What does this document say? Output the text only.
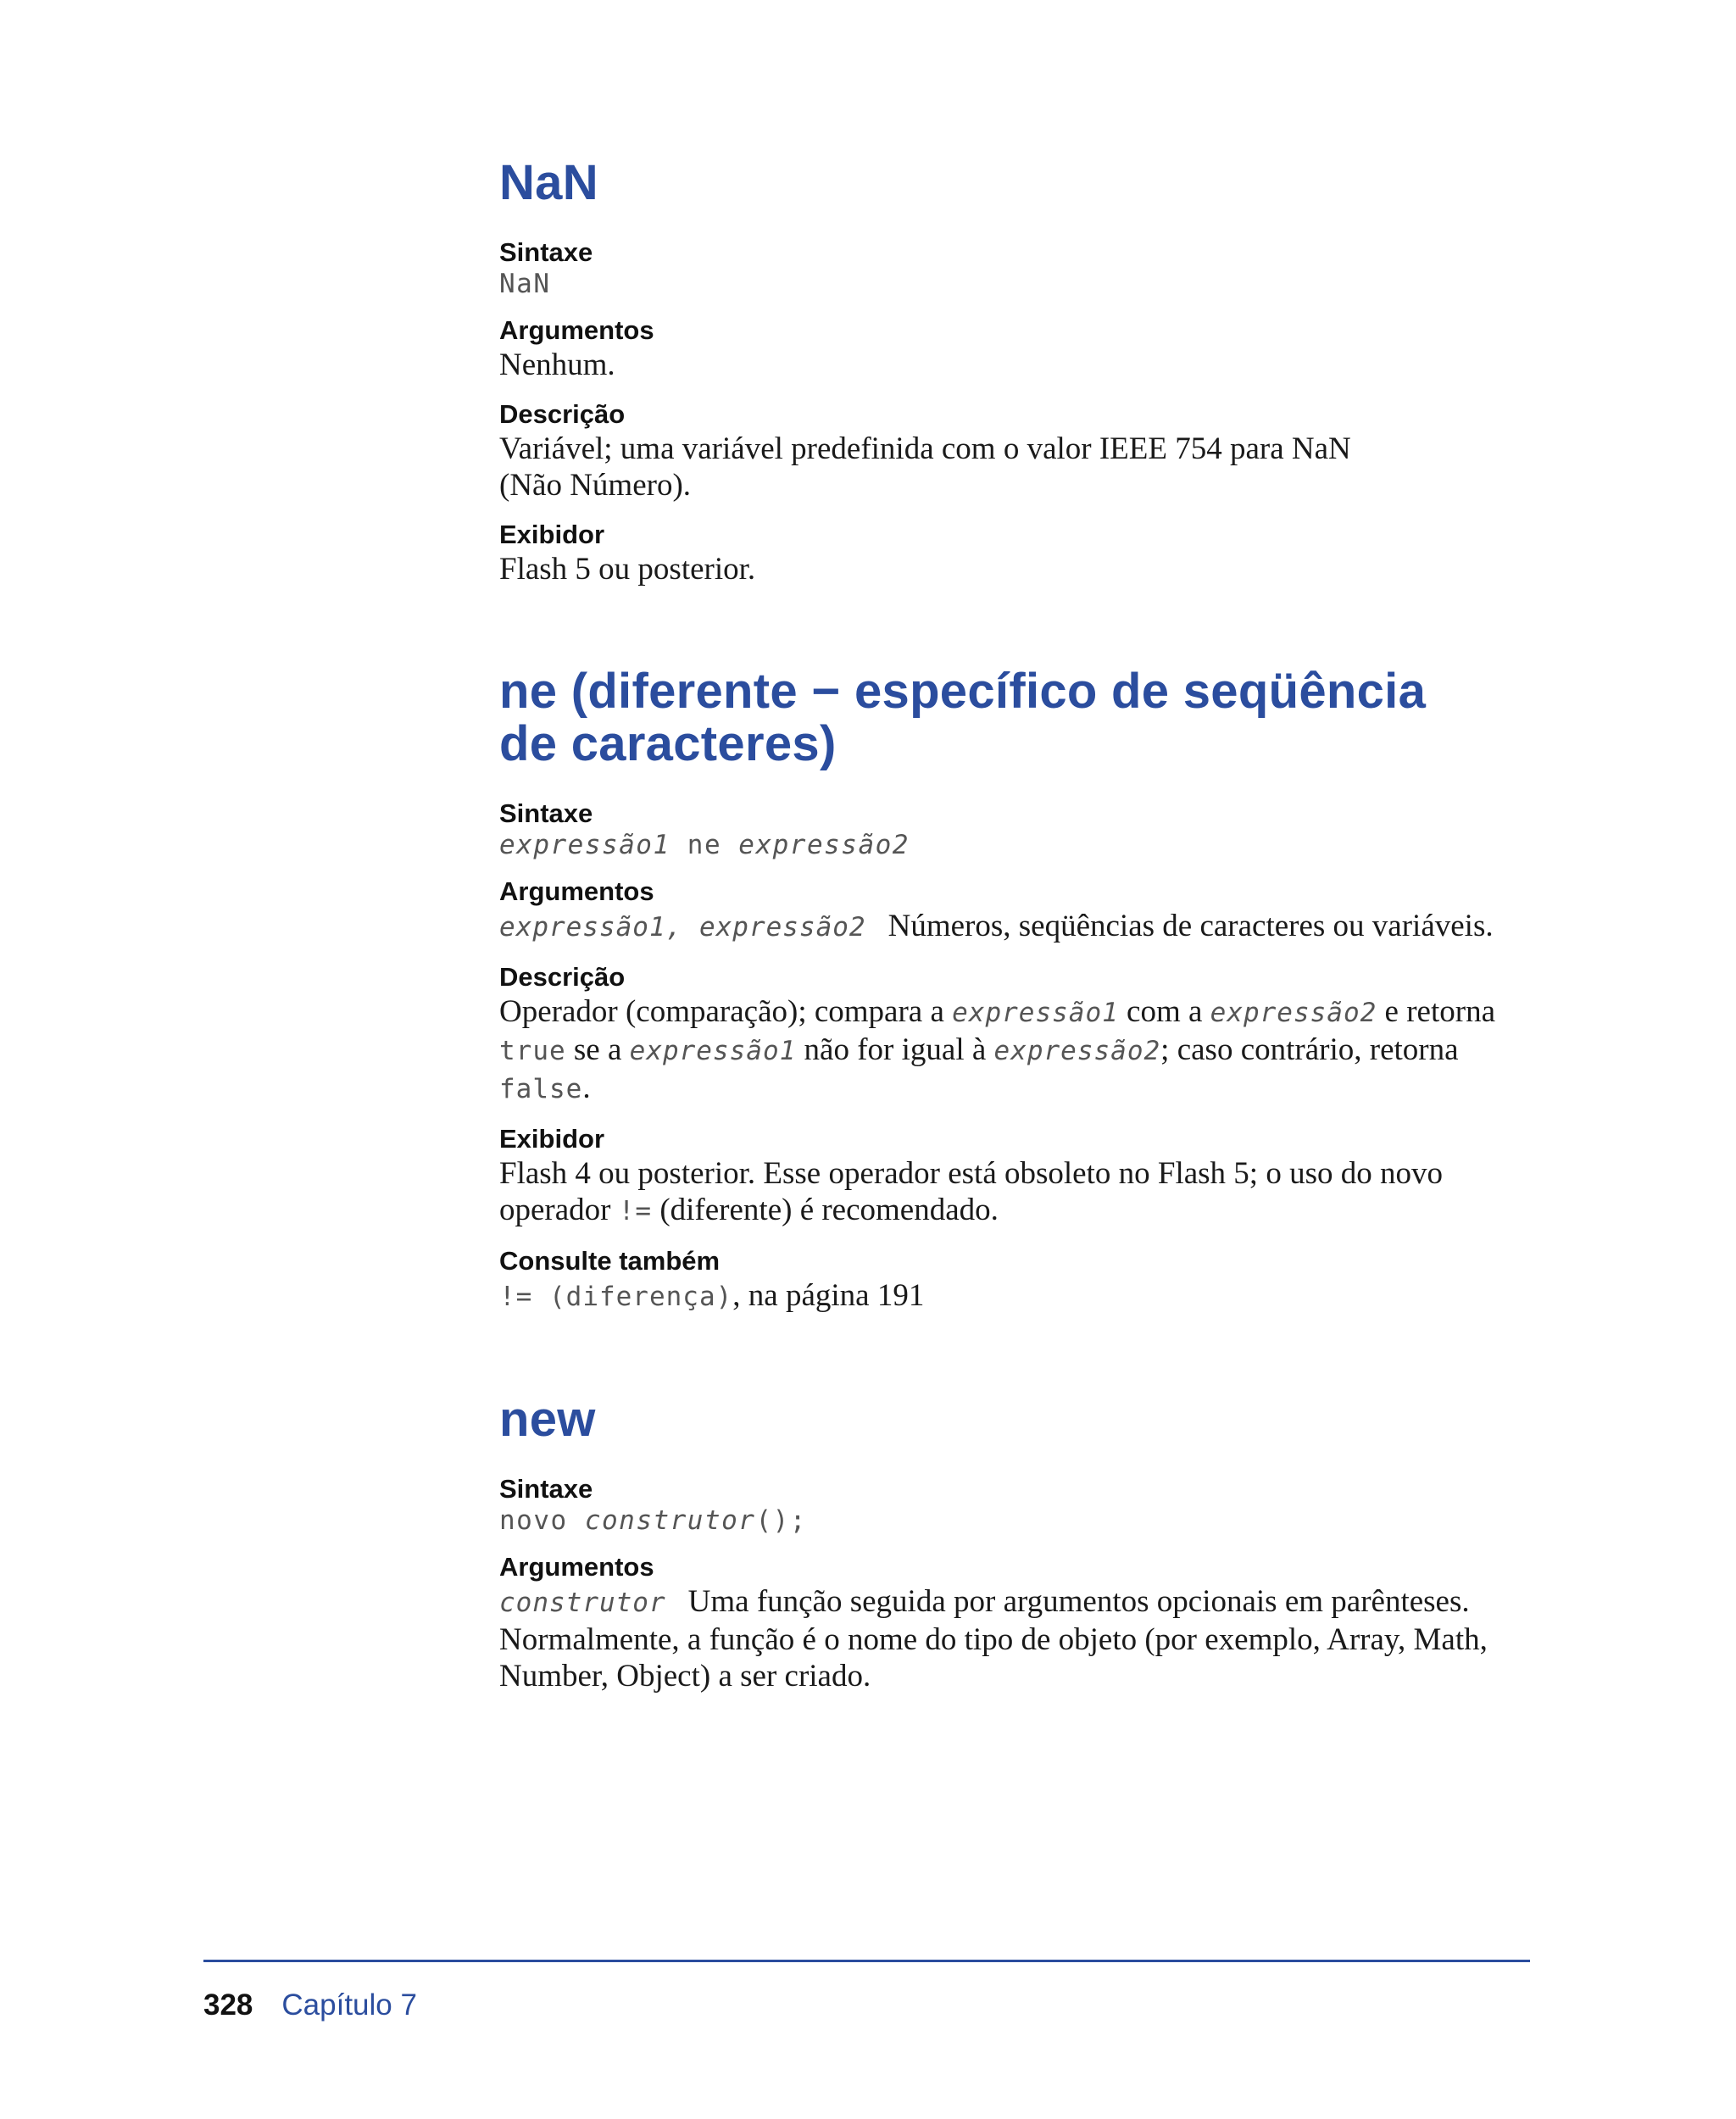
NaN
Sintaxe
NaN
Argumentos
Nenhum.
Descrição
Variável; uma variável predefinida com o valor IEEE 754 para NaN
(Não Número).
Exibidor
Flash 5 ou posterior.
ne (diferente − específico de seqüência
de caracteres)
Sintaxe
expressão1 ne expressão2
Argumentos
expressão1, expressão2 Números, seqüências de caracteres ou variáveis.
Descrição
Operador (comparação); compara a expressão1 com a expressão2 e retorna
true se a expressão1 não for igual à expressão2; caso contrário, retorna false.
Exibidor
Flash 4 ou posterior. Esse operador está obsoleto no Flash 5; o uso do novo
operador != (diferente) é recomendado.
Consulte também
!= (diferença), na página 191
new
Sintaxe
novo construtor();
Argumentos
construtor Uma função seguida por argumentos opcionais em parênteses.
Normalmente, a função é o nome do tipo de objeto (por exemplo, Array, Math,
Number, Object) a ser criado.
328 Capítulo 7
